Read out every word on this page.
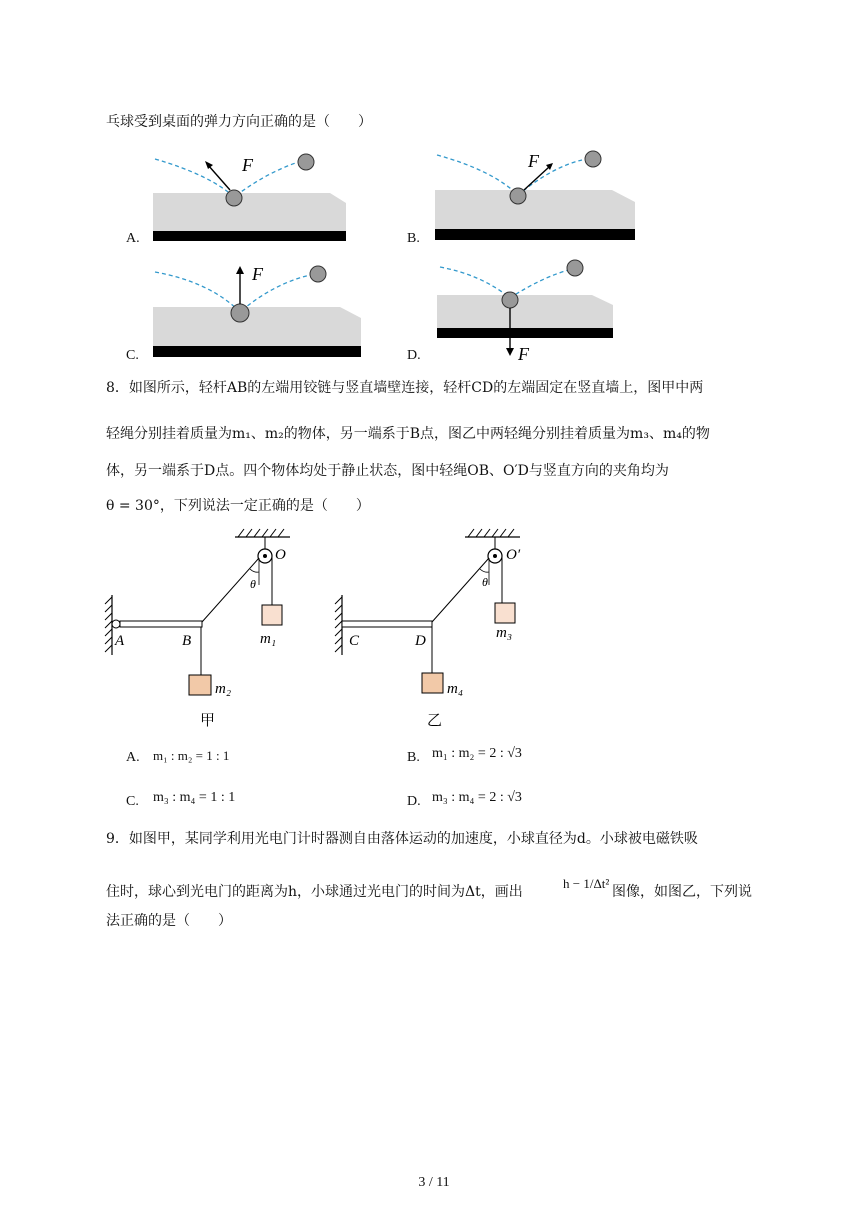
乓球受到桌面的弹力方向正确的是（　　）
F
A.
F
B.
F
C.	F
D.
8．如图所示，轻杆AB的左端用铰链与竖直墙壁连接，轻杆CD的左端固定在竖直墙上，图甲中两
轻绳分别挂着质量为m₁、m₂的物体，另一端系于B点，图乙中两轻绳分别挂着质量为m₃、m₄的物
体，另一端系于D点。四个物体均处于静止状态，图中轻绳OB、O′D与竖直方向的夹角均为
θ = 30°，下列说法一定正确的是（　　）
A	B
O
θ
m₁
m₂
甲
C	D
O′
θ
m₃
m₄
乙
A. m₁ : m₂ = 1 : 1	B. m₁ : m₂ = 2 : √3
C. m₃ : m₄ = 1 : 1	D. m₃ : m₄ = 2 : √3
9．如图甲，某同学利用光电门计时器测自由落体运动的加速度，小球直径为d。小球被电磁铁吸
住时，球心到光电门的距离为h，小球通过光电门的时间为Δt，画出
h − 1/Δt²
图像，如图乙，下列说
法正确的是（　　）
3 / 11
